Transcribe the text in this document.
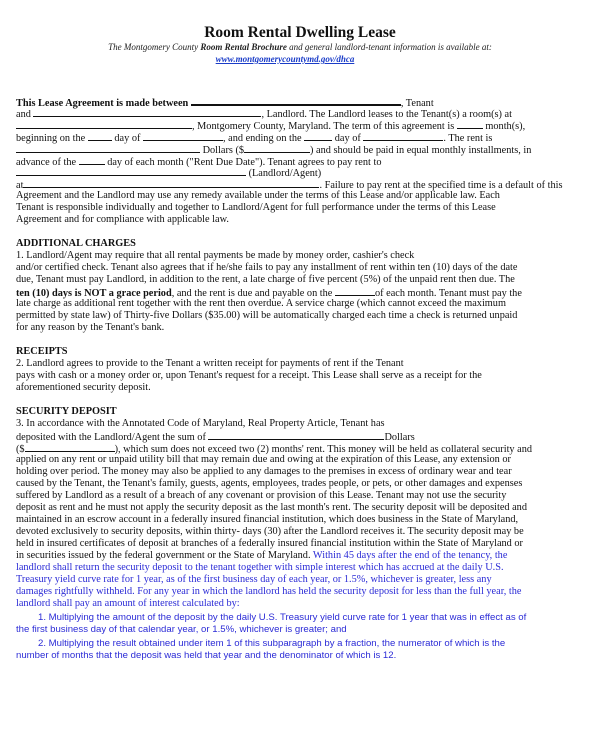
Room Rental Dwelling Lease
The Montgomery County Room Rental Brochure and general landlord-tenant information is available at:
www.montgomerycountymd.gov/dhca
This Lease Agreement is made between	, Tenant
and	, Landlord. The Landlord leases to the Tenant(s) a room(s) at
, Montgomery County, Maryland. The term of this agreement is	month(s),
beginning on the	day of	, and ending on the	day of	. The rent is
Dollars ($	) and should be paid in equal monthly installments, in
advance of the	day of each month ("Rent Due Date"). Tenant agrees to pay rent to
(Landlord/Agent)
at	. Failure to pay rent at the specified time is a default of this
Agreement and the Landlord may use any remedy available under the terms of this Lease and/or applicable law. Each
Tenant is responsible individually and together to Landlord/Agent for full performance under the terms of this Lease
Agreement and for compliance with applicable law.
ADDITIONAL CHARGES
1. Landlord/Agent may require that all rental payments be made by money order, cashier's check
and/or certified check. Tenant also agrees that if he/she fails to pay any installment of rent within ten (10) days of the date
due, Tenant must pay Landlord, in addition to the rent, a late charge of five percent (5%) of the unpaid rent then due. The
ten (10) days is NOT a grace period, and the rent is due and payable on the	of each month. Tenant must pay the
late charge as additional rent together with the rent then overdue. A service charge (which cannot exceed the maximum
permitted by state law) of Thirty-five Dollars ($35.00) will be automatically charged each time a check is returned unpaid
for any reason by the Tenant's bank.
RECEIPTS
2. Landlord agrees to provide to the Tenant a written receipt for payments of rent if the Tenant
pays with cash or a money order or, upon Tenant's request for a receipt. This Lease shall serve as a receipt for the
aforementioned security deposit.
SECURITY DEPOSIT
3. In accordance with the Annotated Code of Maryland, Real Property Article, Tenant has
deposited with the Landlord/Agent the sum of	Dollars
($	), which sum does not exceed two (2) months' rent. This money will be held as collateral security and
applied on any rent or unpaid utility bill that may remain due and owing at the expiration of this Lease, any extension or
holding over period. The money may also be applied to any damages to the premises in excess of ordinary wear and tear
caused by the Tenant, the Tenant's family, guests, agents, employees, trades people, or pets, or other damages and expenses
suffered by Landlord as a result of a breach of any covenant or provision of this Lease. Tenant may not use the security
deposit as rent and he must not apply the security deposit as the last month's rent. The security deposit will be deposited and
maintained in an escrow account in a federally insured financial institution, which does business in the State of Maryland,
devoted exclusively to security deposits, within thirty- days (30) after the Landlord receives it. The security deposit may be
held in insured certificates of deposit at branches of a federally insured financial institution within the State of Maryland or
in securities issued by the federal government or the State of Maryland. Within 45 days after the end of the tenancy, the
landlord shall return the security deposit to the tenant together with simple interest which has accrued at the daily U.S.
Treasury yield curve rate for 1 year, as of the first business day of each year, or 1.5%, whichever is greater, less any
damages rightfully withheld. For any year in which the landlord has held the security deposit for less than the full year, the
landlord shall pay an amount of interest calculated by:
1. Multiplying the amount of the deposit by the daily U.S. Treasury yield curve rate for 1 year that was in effect as of
the first business day of that calendar year, or 1.5%, whichever is greater; and
2. Multiplying the result obtained under item 1 of this subparagraph by a fraction, the numerator of which is the
number of months that the deposit was held that year and the denominator of which is 12.
